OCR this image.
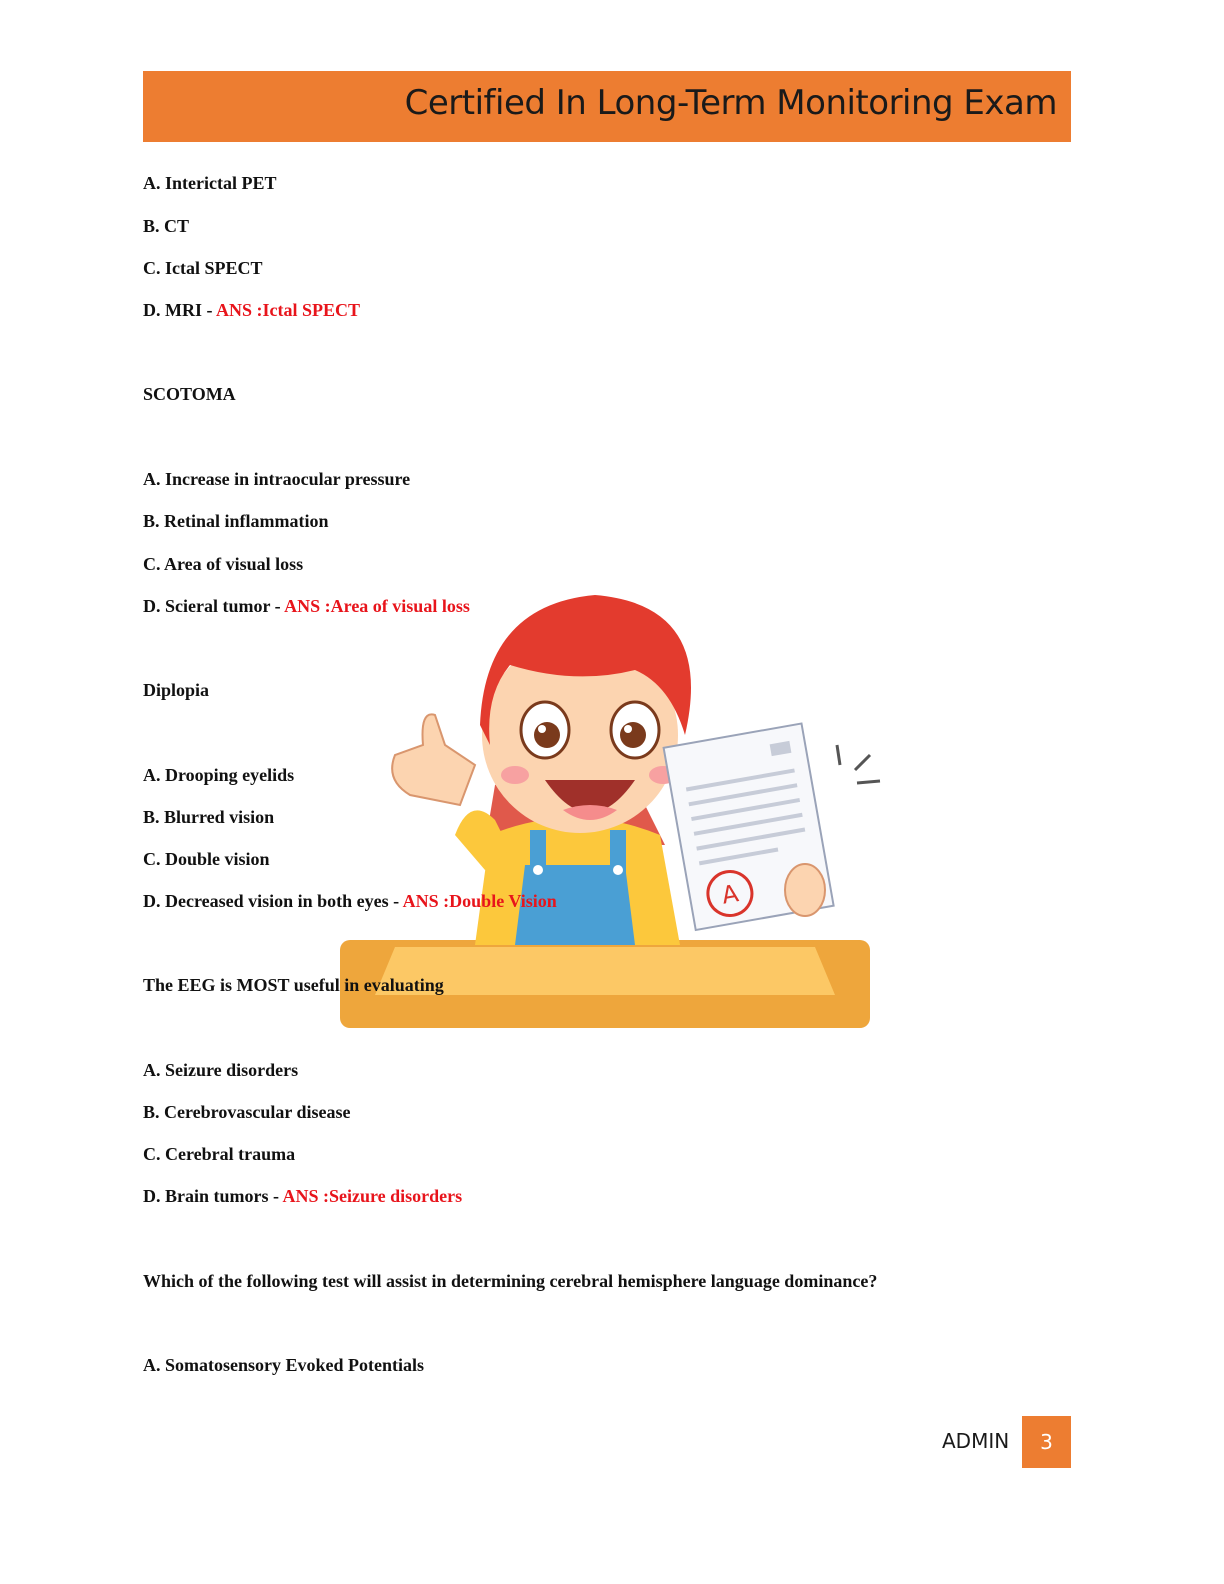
Certified In Long-Term Monitoring Exam
A
A. Interictal PET
B. CT
C. Ictal SPECT
D. MRI - ANS :Ictal SPECT
SCOTOMA
A. Increase in intraocular pressure
B. Retinal inflammation
C. Area of visual loss
D. Scieral tumor - ANS :Area of visual loss
Diplopia
A. Drooping eyelids
B. Blurred vision
C. Double vision
D. Decreased vision in both eyes - ANS :Double Vision
The EEG is MOST useful in evaluating
A. Seizure disorders
B. Cerebrovascular disease
C. Cerebral trauma
D. Brain tumors - ANS :Seizure disorders
Which of the following test will assist in determining cerebral hemisphere language dominance?
A. Somatosensory Evoked Potentials
ADMIN	3
